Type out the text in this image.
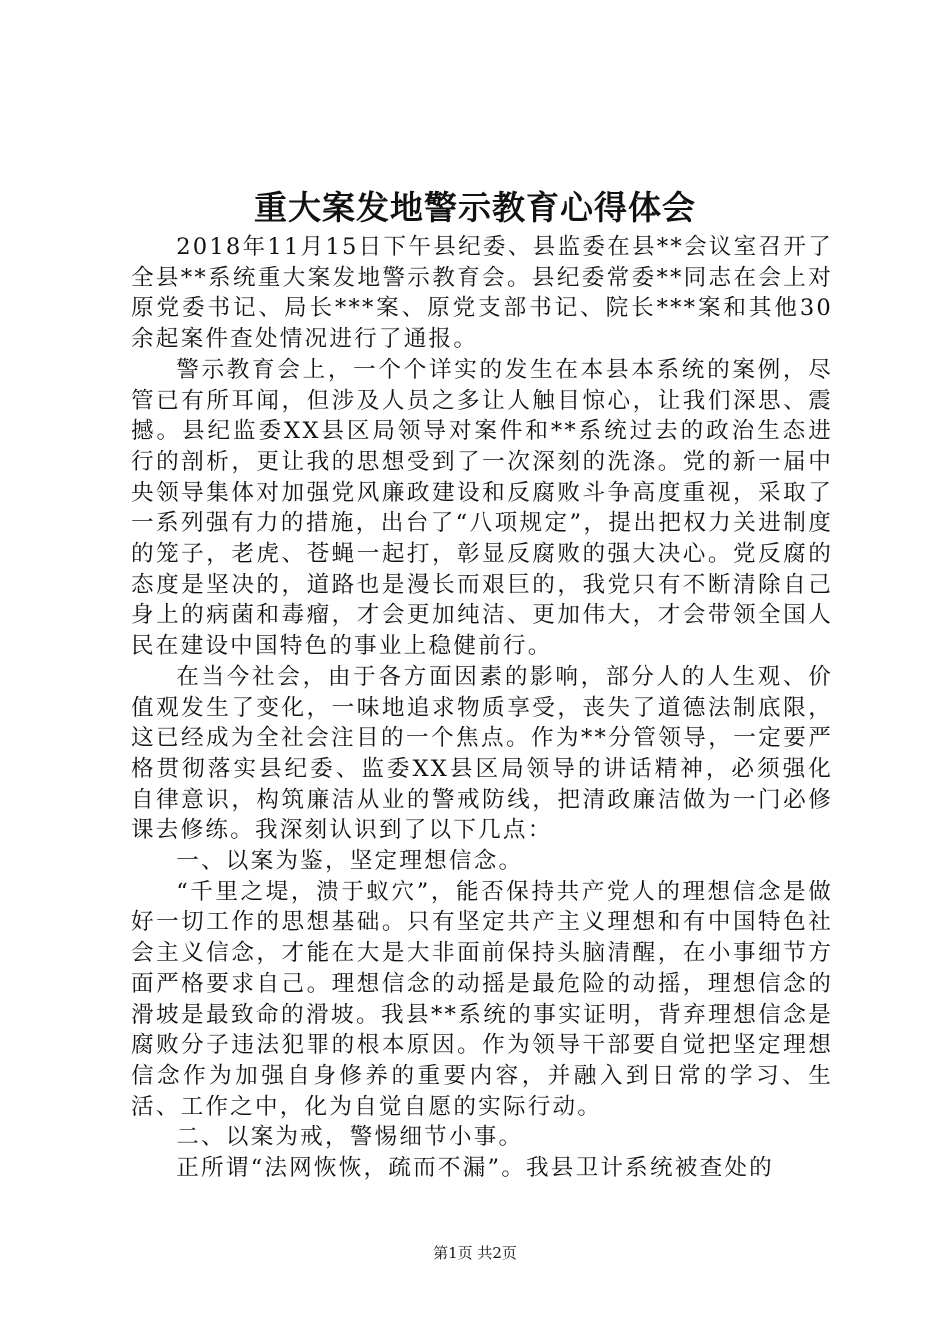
重大案发地警示教育心得体会

2018年11月15日下午县纪委、县监委在县**会议室召开了全县**系统重大案发地警示教育会。县纪委常委**同志在会上对原党委书记、局长***案、原党支部书记、院长***案和其他30余起案件查处情况进行了通报。

警示教育会上，一个个详实的发生在本县本系统的案例，尽管已有所耳闻，但涉及人员之多让人触目惊心，让我们深思、震撼。县纪监委XX县区局领导对案件和**系统过去的政治生态进行的剖析，更让我的思想受到了一次深刻的洗涤。党的新一届中央领导集体对加强党风廉政建设和反腐败斗争高度重视，采取了一系列强有力的措施，出台了“八项规定”，提出把权力关进制度的笼子，老虎、苍蝇一起打，彰显反腐败的强大决心。党反腐的态度是坚决的，道路也是漫长而艰巨的，我党只有不断清除自己身上的病菌和毒瘤，才会更加纯洁、更加伟大，才会带领全国人民在建设中国特色的事业上稳健前行。

在当今社会，由于各方面因素的影响，部分人的人生观、价值观发生了变化，一味地追求物质享受，丧失了道德法制底限，这已经成为全社会注目的一个焦点。作为**分管领导，一定要严格贯彻落实县纪委、监委XX县区局领导的讲话精神，必须强化自律意识，构筑廉洁从业的警戒防线，把清政廉洁做为一门必修课去修练。我深刻认识到了以下几点：

一、以案为鉴，坚定理想信念。

“千里之堤，溃于蚁穴”，能否保持共产党人的理想信念是做好一切工作的思想基础。只有坚定共产主义理想和有中国特色社会主义信念，才能在大是大非面前保持头脑清醒，在小事细节方面严格要求自己。理想信念的动摇是最危险的动摇，理想信念的滑坡是最致命的滑坡。我县**系统的事实证明，背弃理想信念是腐败分子违法犯罪的根本原因。作为领导干部要自觉把坚定理想信念作为加强自身修养的重要内容，并融入到日常的学习、生活、工作之中，化为自觉自愿的实际行动。

二、以案为戒，警惕细节小事。

正所谓“法网恢恢，疏而不漏”。我县卫计系统被查处的

第1页 共2页
